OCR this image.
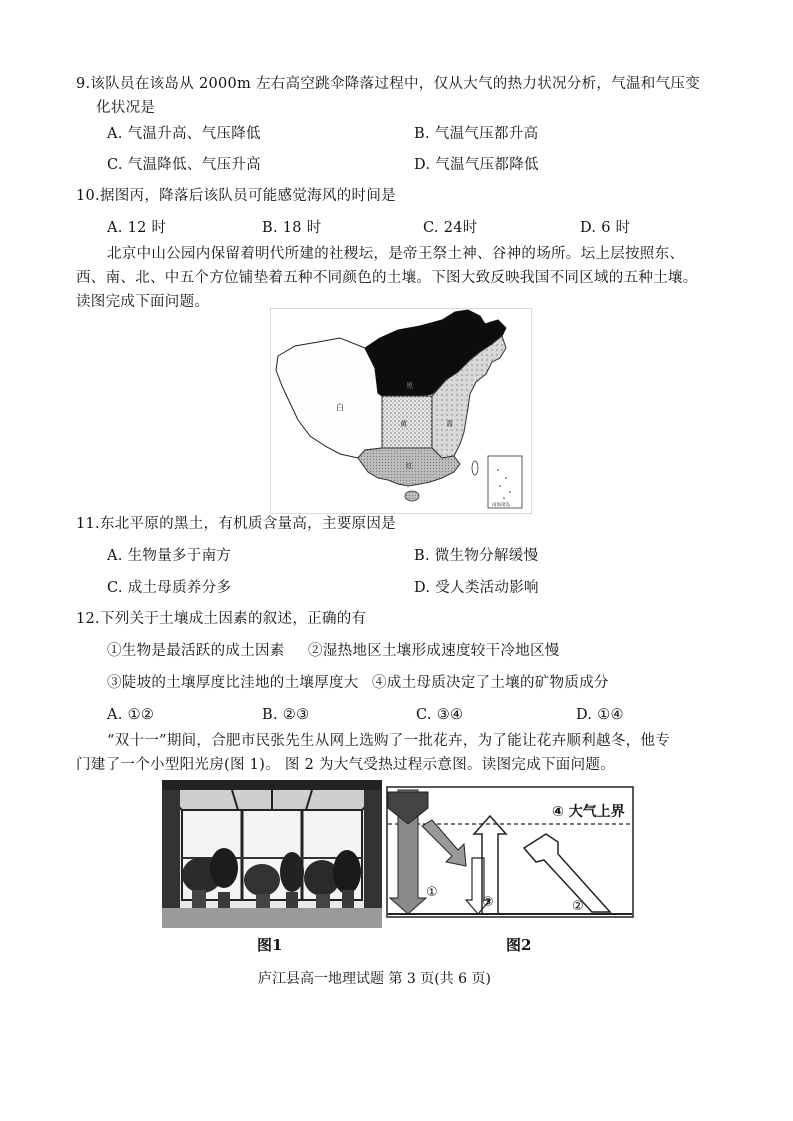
9.该队员在该岛从 2000m 左右高空跳伞降落过程中，仅从大气的热力状况分析，气温和气压变
化状况是
A. 气温升高、气压降低	B. 气温气压都升高
C. 气温降低、气压升高	D. 气温气压都降低
10.据图丙，降落后该队员可能感觉海风的时间是
A. 12 时	B. 18 时	C. 24时	D. 6 时
北京中山公园内保留着明代所建的社稷坛，是帝王祭土神、谷神的场所。坛上层按照东、
西、南、北、中五个方位铺垫着五种不同颜色的土壤。下图大致反映我国不同区域的五种土壤。
读图完成下面问题。
白
黑
黄	青
红
南海诸岛
11.东北平原的黑土，有机质含量高，主要原因是
A. 生物量多于南方	B. 微生物分解缓慢
C. 成土母质养分多	D. 受人类活动影响
12.下列关于土壤成土因素的叙述，正确的有
①生物是最活跃的成土因素 ②湿热地区土壤形成速度较干冷地区慢
③陡坡的土壤厚度比洼地的土壤厚度大 ④成土母质决定了土壤的矿物质成分
A. ①②	B. ②③	C. ③④	D. ①④
“双十一”期间，合肥市民张先生从网上选购了一批花卉，为了能让花卉顺利越冬，他专
门建了一个小型阳光房(图 1)。 图 2 为大气受热过程示意图。读图完成下面问题。
④ 大气上界
①
③	②
图1	图2
庐江县高一地理试题 第 3 页(共 6 页)
